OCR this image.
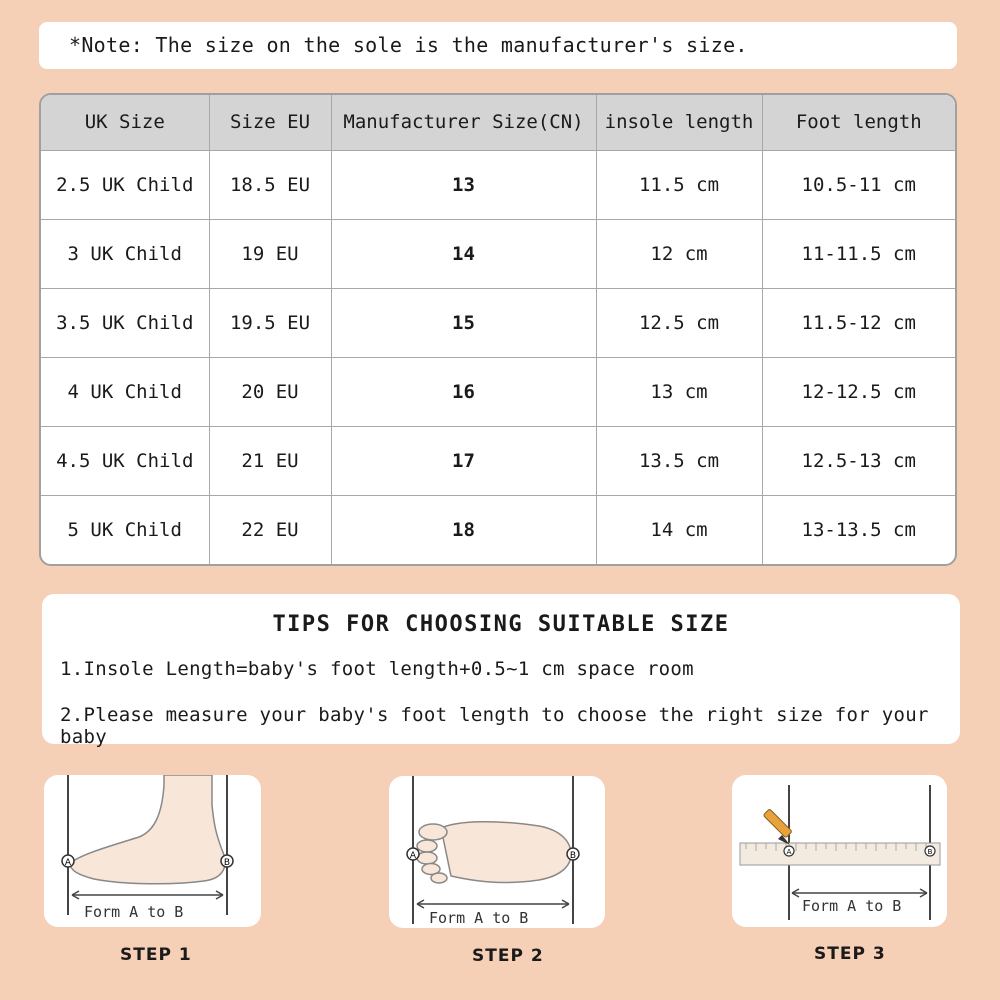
*Note: The size on the sole is the manufacturer's size.
UK Size	Size EU	Manufacturer Size(CN)	insole length	Foot length
2.5 UK Child	18.5 EU	13	11.5 cm	10.5-11 cm
3 UK Child	19 EU	14	12 cm	11-11.5 cm
3.5 UK Child	19.5 EU	15	12.5 cm	11.5-12 cm
4 UK Child	20 EU	16	13 cm	12-12.5 cm
4.5 UK Child	21 EU	17	13.5 cm	12.5-13 cm
5 UK Child	22 EU	18	14 cm	13-13.5 cm
TIPS FOR CHOOSING SUITABLE SIZE
1.Insole Length=baby's foot length+0.5~1 cm space room
2.Please measure your baby's foot length to choose the right size for your baby
A	B
Form A to B
STEP 1
A	B
Form A to B
STEP 2
A	B
Form A to B
STEP 3
